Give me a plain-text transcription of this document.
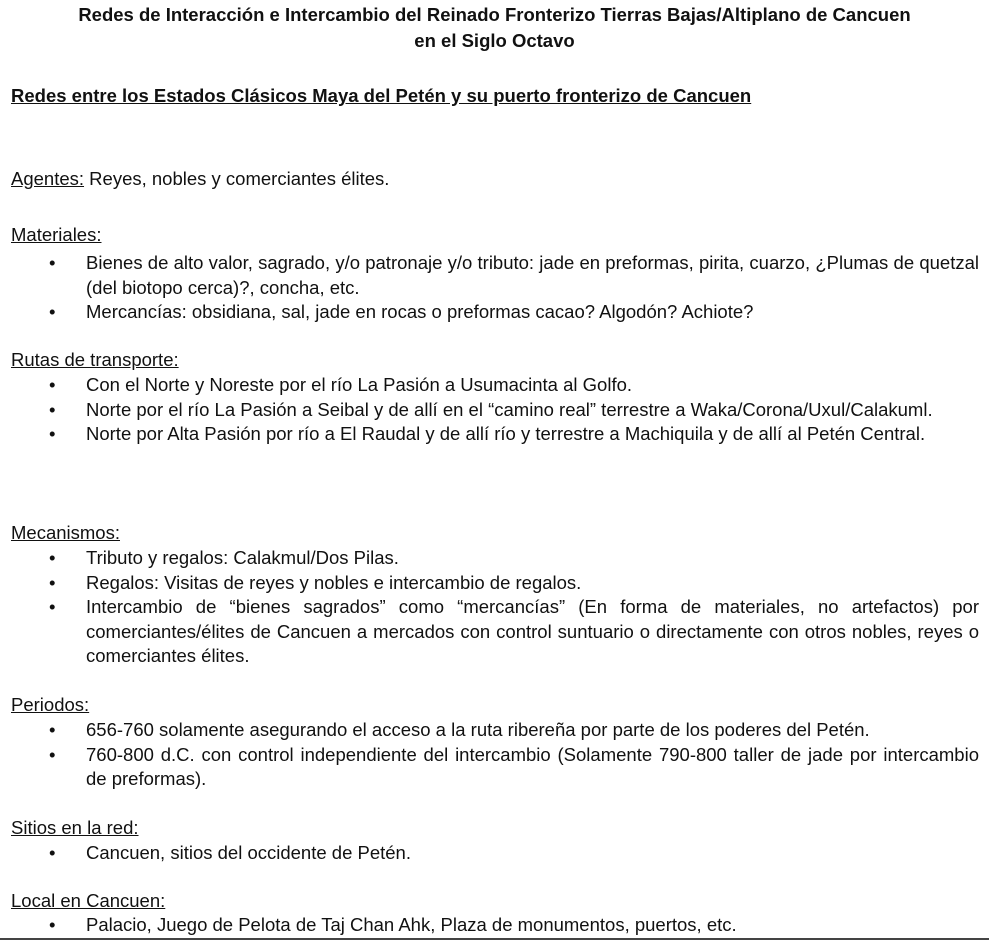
Redes de Interacción e Intercambio del Reinado Fronterizo Tierras Bajas/Altiplano de Cancuen
en el Siglo Octavo
Redes entre los Estados Clásicos Maya del Petén y su puerto fronterizo de Cancuen
Agentes: Reyes, nobles y comerciantes élites.
Materiales:
• Bienes de alto valor, sagrado, y/o patronaje y/o tributo: jade en preformas, pirita, cuarzo, ¿Plumas de quetzal (del biotopo cerca)?, concha, etc.
• Mercancías: obsidiana, sal, jade en rocas o preformas cacao? Algodón? Achiote?
Rutas de transporte:
• Con el Norte y Noreste por el río La Pasión a Usumacinta al Golfo.
• Norte por el río La Pasión a Seibal y de allí en el “camino real” terrestre a Waka/Corona/Uxul/Calakuml.
• Norte por Alta Pasión por río a El Raudal y de allí río y terrestre a Machiquila y de allí al Petén Central.
Mecanismos:
• Tributo y regalos: Calakmul/Dos Pilas.
• Regalos: Visitas de reyes y nobles e intercambio de regalos.
• Intercambio de “bienes sagrados” como “mercancías” (En forma de materiales, no artefactos) por comerciantes/élites de Cancuen a mercados con control suntuario o directamente con otros nobles, reyes o comerciantes élites.
Periodos:
• 656-760 solamente asegurando el acceso a la ruta ribereña por parte de los poderes del Petén.
• 760-800 d.C. con control independiente del intercambio (Solamente 790-800 taller de jade por intercambio de preformas).
Sitios en la red:
• Cancuen, sitios del occidente de Petén.
Local en Cancuen:
• Palacio, Juego de Pelota de Taj Chan Ahk, Plaza de monumentos, puertos, etc.
